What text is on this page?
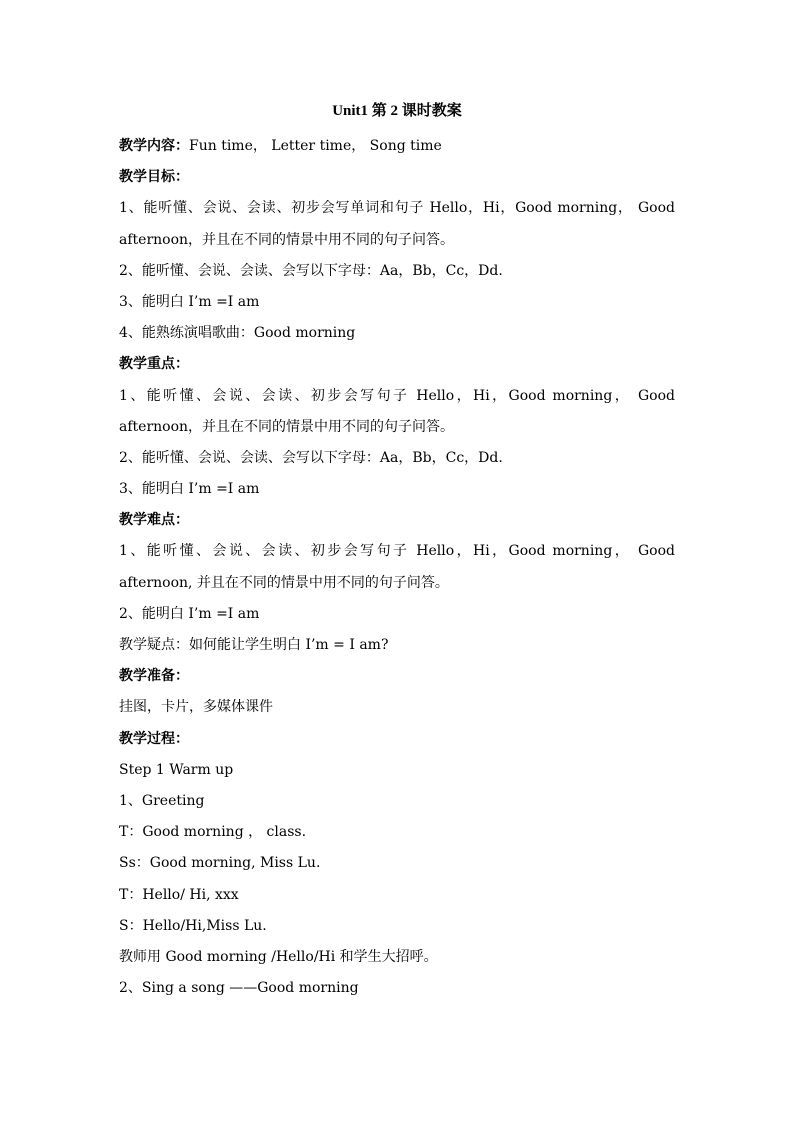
Unit1 第 2 课时教案
教学内容：Fun time， Letter time， Song time
教学目标：
1、能听懂、会说、会读、初步会写单词和句子 Hello，Hi，Good morning， Good
afternoon，并且在不同的情景中用不同的句子问答。
2、能听懂、会说、会读、会写以下字母：Aa，Bb，Cc，Dd.
3、能明白 I’m =I am
4、能熟练演唱歌曲：Good morning
教学重点：
1、能听懂、会说、会读、初步会写句子 Hello，Hi，Good morning， Good
afternoon，并且在不同的情景中用不同的句子问答。
2、能听懂、会说、会读、会写以下字母：Aa，Bb，Cc，Dd.
3、能明白 I’m =I am
教学难点：
1、能听懂、会说、会读、初步会写句子 Hello，Hi，Good morning， Good
afternoon, 并且在不同的情景中用不同的句子问答。
2、能明白 I’m =I am
教学疑点：如何能让学生明白 I’m = I am?
教学准备：
挂图，卡片，多媒体课件
教学过程：
Step 1 Warm up
1、Greeting
T：Good morning ， class.
Ss：Good morning, Miss Lu.
T：Hello/ Hi, xxx
S：Hello/Hi,Miss Lu.
教师用 Good morning /Hello/Hi 和学生大招呼。
2、Sing a song ——Good morning
